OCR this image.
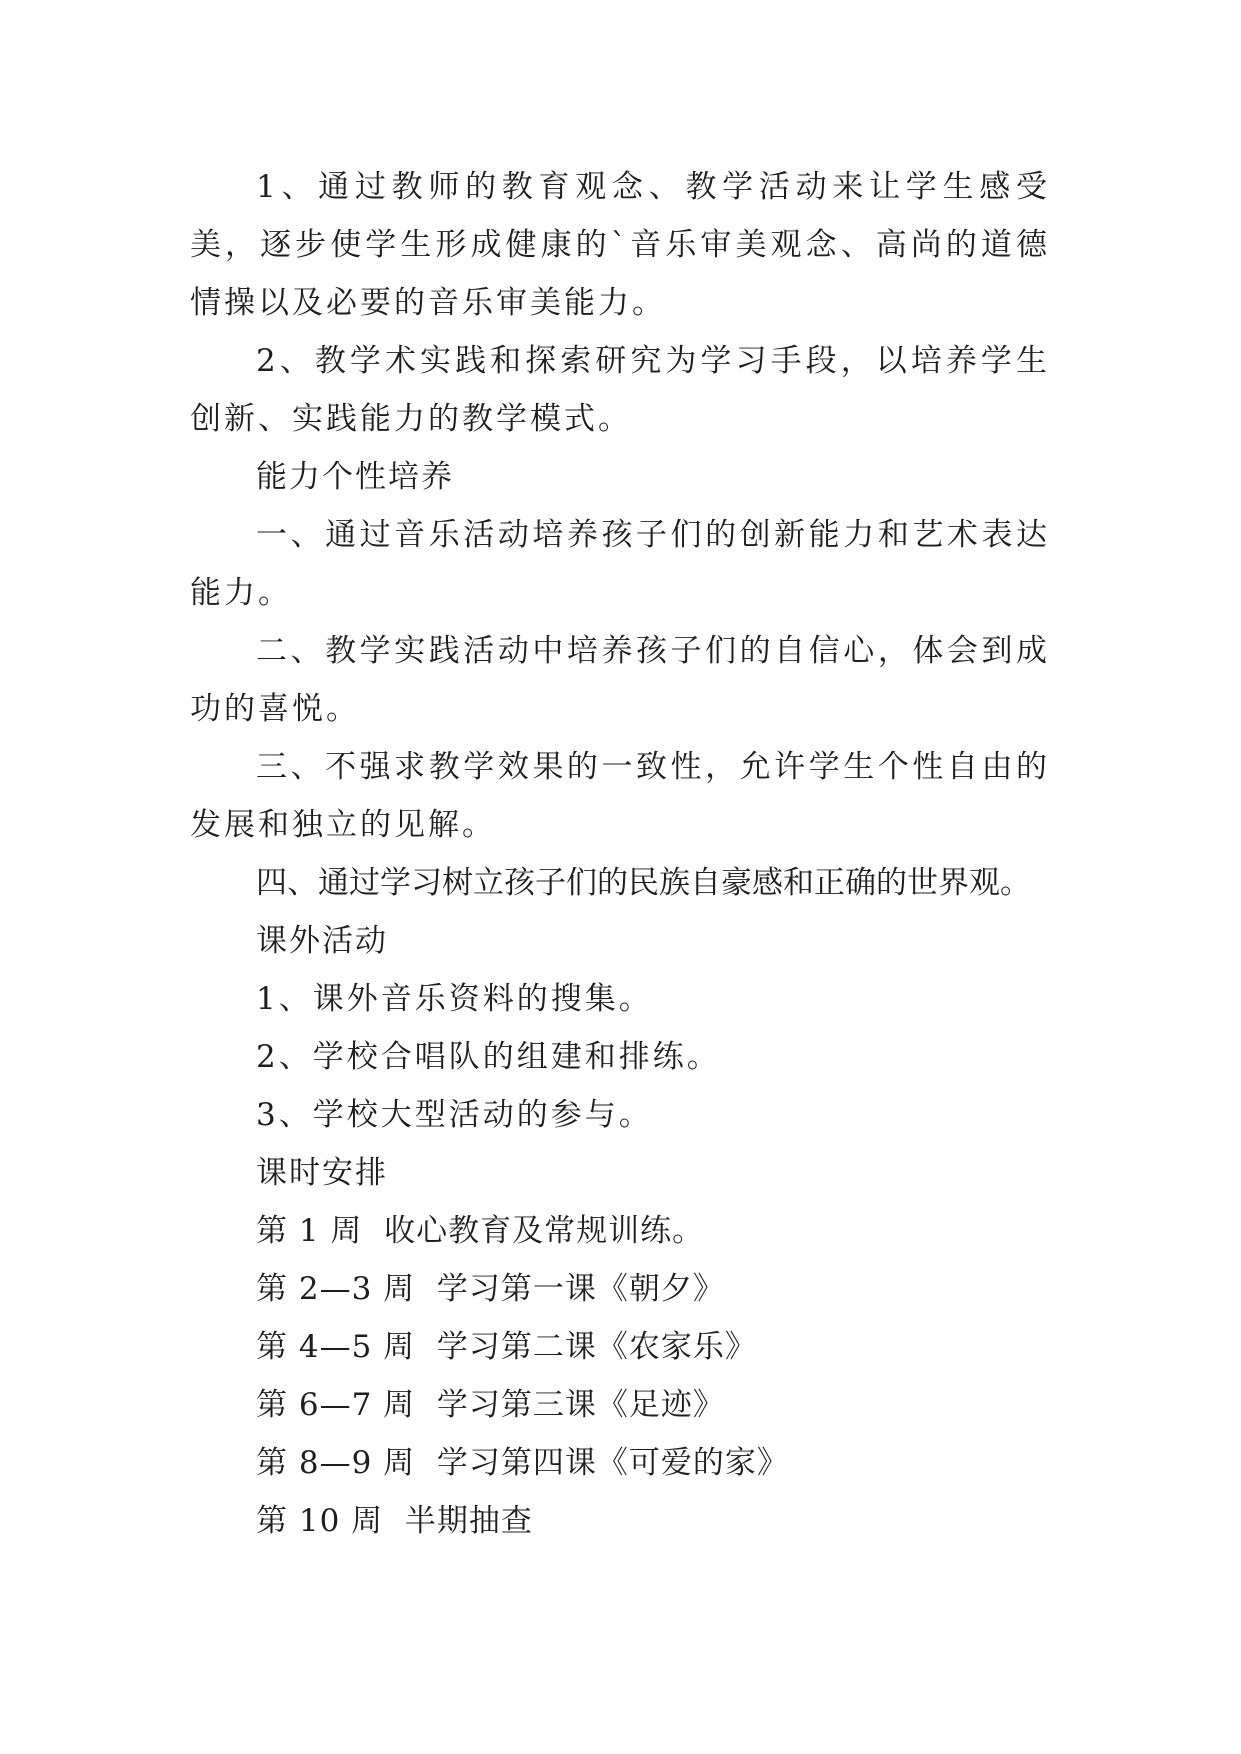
1、通过教师的教育观念、教学活动来让学生感受美，逐步使学生形成健康的`音乐审美观念、高尚的道德情操以及必要的音乐审美能力。

2、教学术实践和探索研究为学习手段，以培养学生创新、实践能力的教学模式。

能力个性培养

一、通过音乐活动培养孩子们的创新能力和艺术表达能力。

二、教学实践活动中培养孩子们的自信心，体会到成功的喜悦。

三、不强求教学效果的一致性，允许学生个性自由的发展和独立的见解。

四、通过学习树立孩子们的民族自豪感和正确的世界观。

课外活动

1、课外音乐资料的搜集。

2、学校合唱队的组建和排练。

3、学校大型活动的参与。

课时安排

第 1 周  收心教育及常规训练。

第 2—3 周  学习第一课《朝夕》

第 4—5 周  学习第二课《农家乐》

第 6—7 周  学习第三课《足迹》

第 8—9 周  学习第四课《可爱的家》

第 10 周  半期抽查
